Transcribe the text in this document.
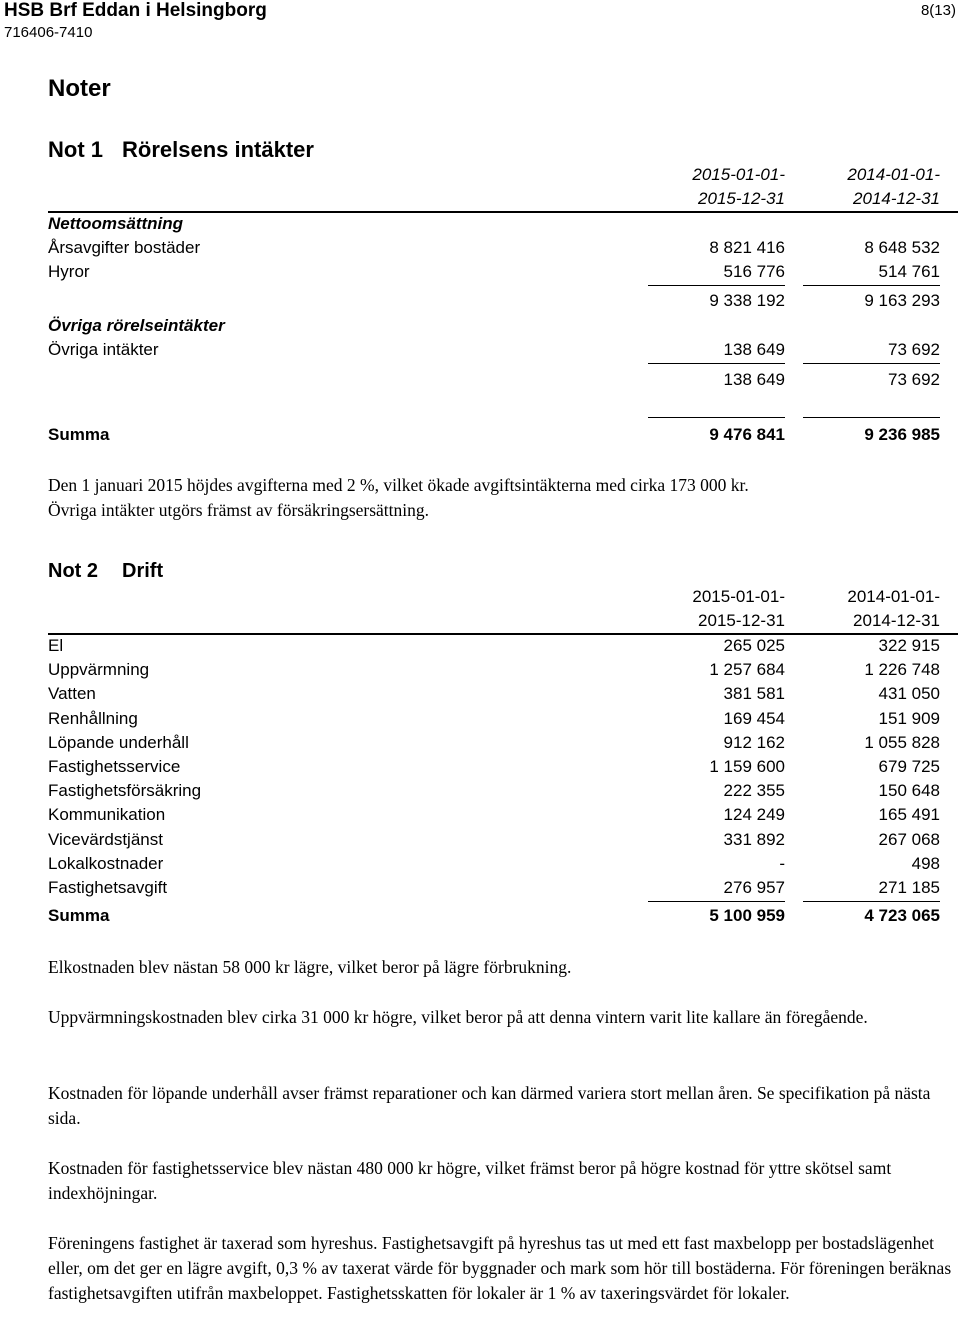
HSB Brf Eddan i Helsingborg
716406-7410
8(13)
Noter
Not 1 Rörelsens intäkter
2015-01-01-	2014-01-01-
2015-12-31	2014-12-31
Nettoomsättning
Årsavgifter bostäder	8 821 416	8 648 532
Hyror	516 776	514 761
9 338 192	9 163 293
Övriga rörelseintäkter
Övriga intäkter	138 649	73 692
138 649	73 692
Summa	9 476 841	9 236 985
Den 1 januari 2015 höjdes avgifterna med 2 %, vilket ökade avgiftsintäkterna med cirka 173 000 kr.
Övriga intäkter utgörs främst av försäkringsersättning.
Not 2 Drift
2015-01-01-	2014-01-01-
2015-12-31	2014-12-31
El	265 025	322 915
Uppvärmning	1 257 684	1 226 748
Vatten	381 581	431 050
Renhållning	169 454	151 909
Löpande underhåll	912 162	1 055 828
Fastighetsservice	1 159 600	679 725
Fastighetsförsäkring	222 355	150 648
Kommunikation	124 249	165 491
Vicevärdstjänst	331 892	267 068
Lokalkostnader	-	498
Fastighetsavgift	276 957	271 185
Summa	5 100 959	4 723 065
Elkostnaden blev nästan 58 000 kr lägre, vilket beror på lägre förbrukning.
Uppvärmningskostnaden blev cirka 31 000 kr högre, vilket beror på att denna vintern varit lite kallare än föregående.
Kostnaden för löpande underhåll avser främst reparationer och kan därmed variera stort mellan åren. Se specifikation på nästa sida.
Kostnaden för fastighetsservice blev nästan 480 000 kr högre, vilket främst beror på högre kostnad för yttre skötsel samt indexhöjningar.
Föreningens fastighet är taxerad som hyreshus. Fastighetsavgift på hyreshus tas ut med ett fast maxbelopp per bostadslägenhet eller, om det ger en lägre avgift, 0,3 % av taxerat värde för byggnader och mark som hör till bostäderna. För föreningen beräknas fastighetsavgiften utifrån maxbeloppet. Fastighetsskatten för lokaler är 1 % av taxeringsvärdet för lokaler.
